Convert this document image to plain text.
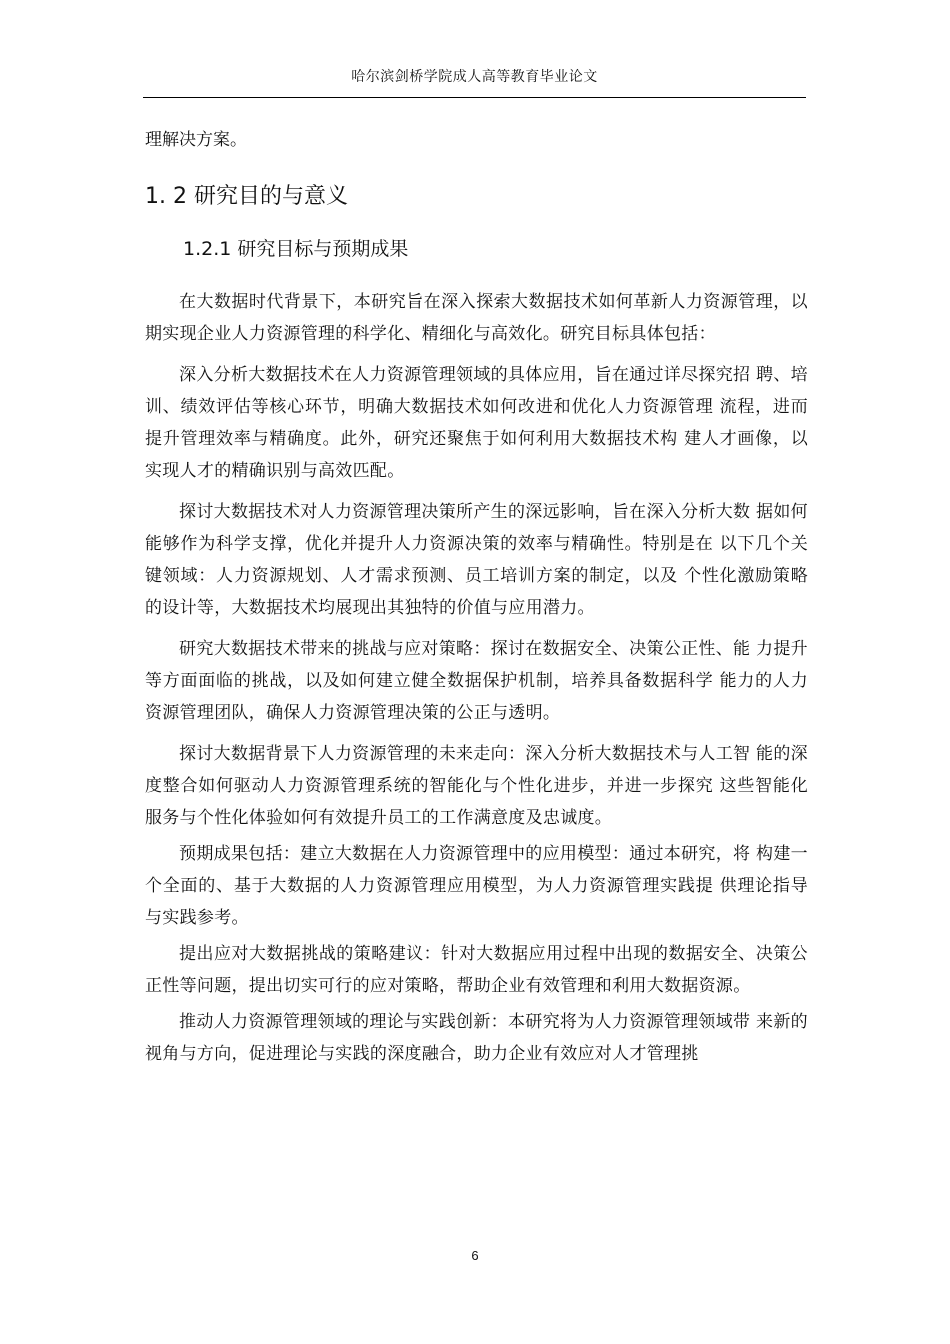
哈尔滨剑桥学院成人高等教育毕业论文

理解决方案。

1. 2 研究目的与意义
1.2.1 研究目标与预期成果

在大数据时代背景下，本研究旨在深入探索大数据技术如何革新人力资源管理，以期实现企业人力资源管理的科学化、精细化与高效化。研究目标具体包括：

深入分析大数据技术在人力资源管理领域的具体应用，旨在通过详尽探究招 聘、培训、绩效评估等核心环节，明确大数据技术如何改进和优化人力资源管理 流程，进而提升管理效率与精确度。此外，研究还聚焦于如何利用大数据技术构 建人才画像，以实现人才的精确识别与高效匹配。

探讨大数据技术对人力资源管理决策所产生的深远影响，旨在深入分析大数 据如何能够作为科学支撑，优化并提升人力资源决策的效率与精确性。特别是在 以下几个关键领域：人力资源规划、人才需求预测、员工培训方案的制定，以及 个性化激励策略的设计等，大数据技术均展现出其独特的价值与应用潜力。

研究大数据技术带来的挑战与应对策略：探讨在数据安全、决策公正性、能 力提升等方面面临的挑战，以及如何建立健全数据保护机制，培养具备数据科学 能力的人力资源管理团队，确保人力资源管理决策的公正与透明。

探讨大数据背景下人力资源管理的未来走向：深入分析大数据技术与人工智 能的深度整合如何驱动人力资源管理系统的智能化与个性化进步，并进一步探究 这些智能化服务与个性化体验如何有效提升员工的工作满意度及忠诚度。

预期成果包括：建立大数据在人力资源管理中的应用模型：通过本研究，将 构建一个全面的、基于大数据的人力资源管理应用模型，为人力资源管理实践提 供理论指导与实践参考。

提出应对大数据挑战的策略建议：针对大数据应用过程中出现的数据安全、决策公正性等问题，提出切实可行的应对策略，帮助企业有效管理和利用大数据资源。

推动人力资源管理领域的理论与实践创新：本研究将为人力资源管理领域带 来新的视角与方向，促进理论与实践的深度融合，助力企业有效应对人才管理挑

6
